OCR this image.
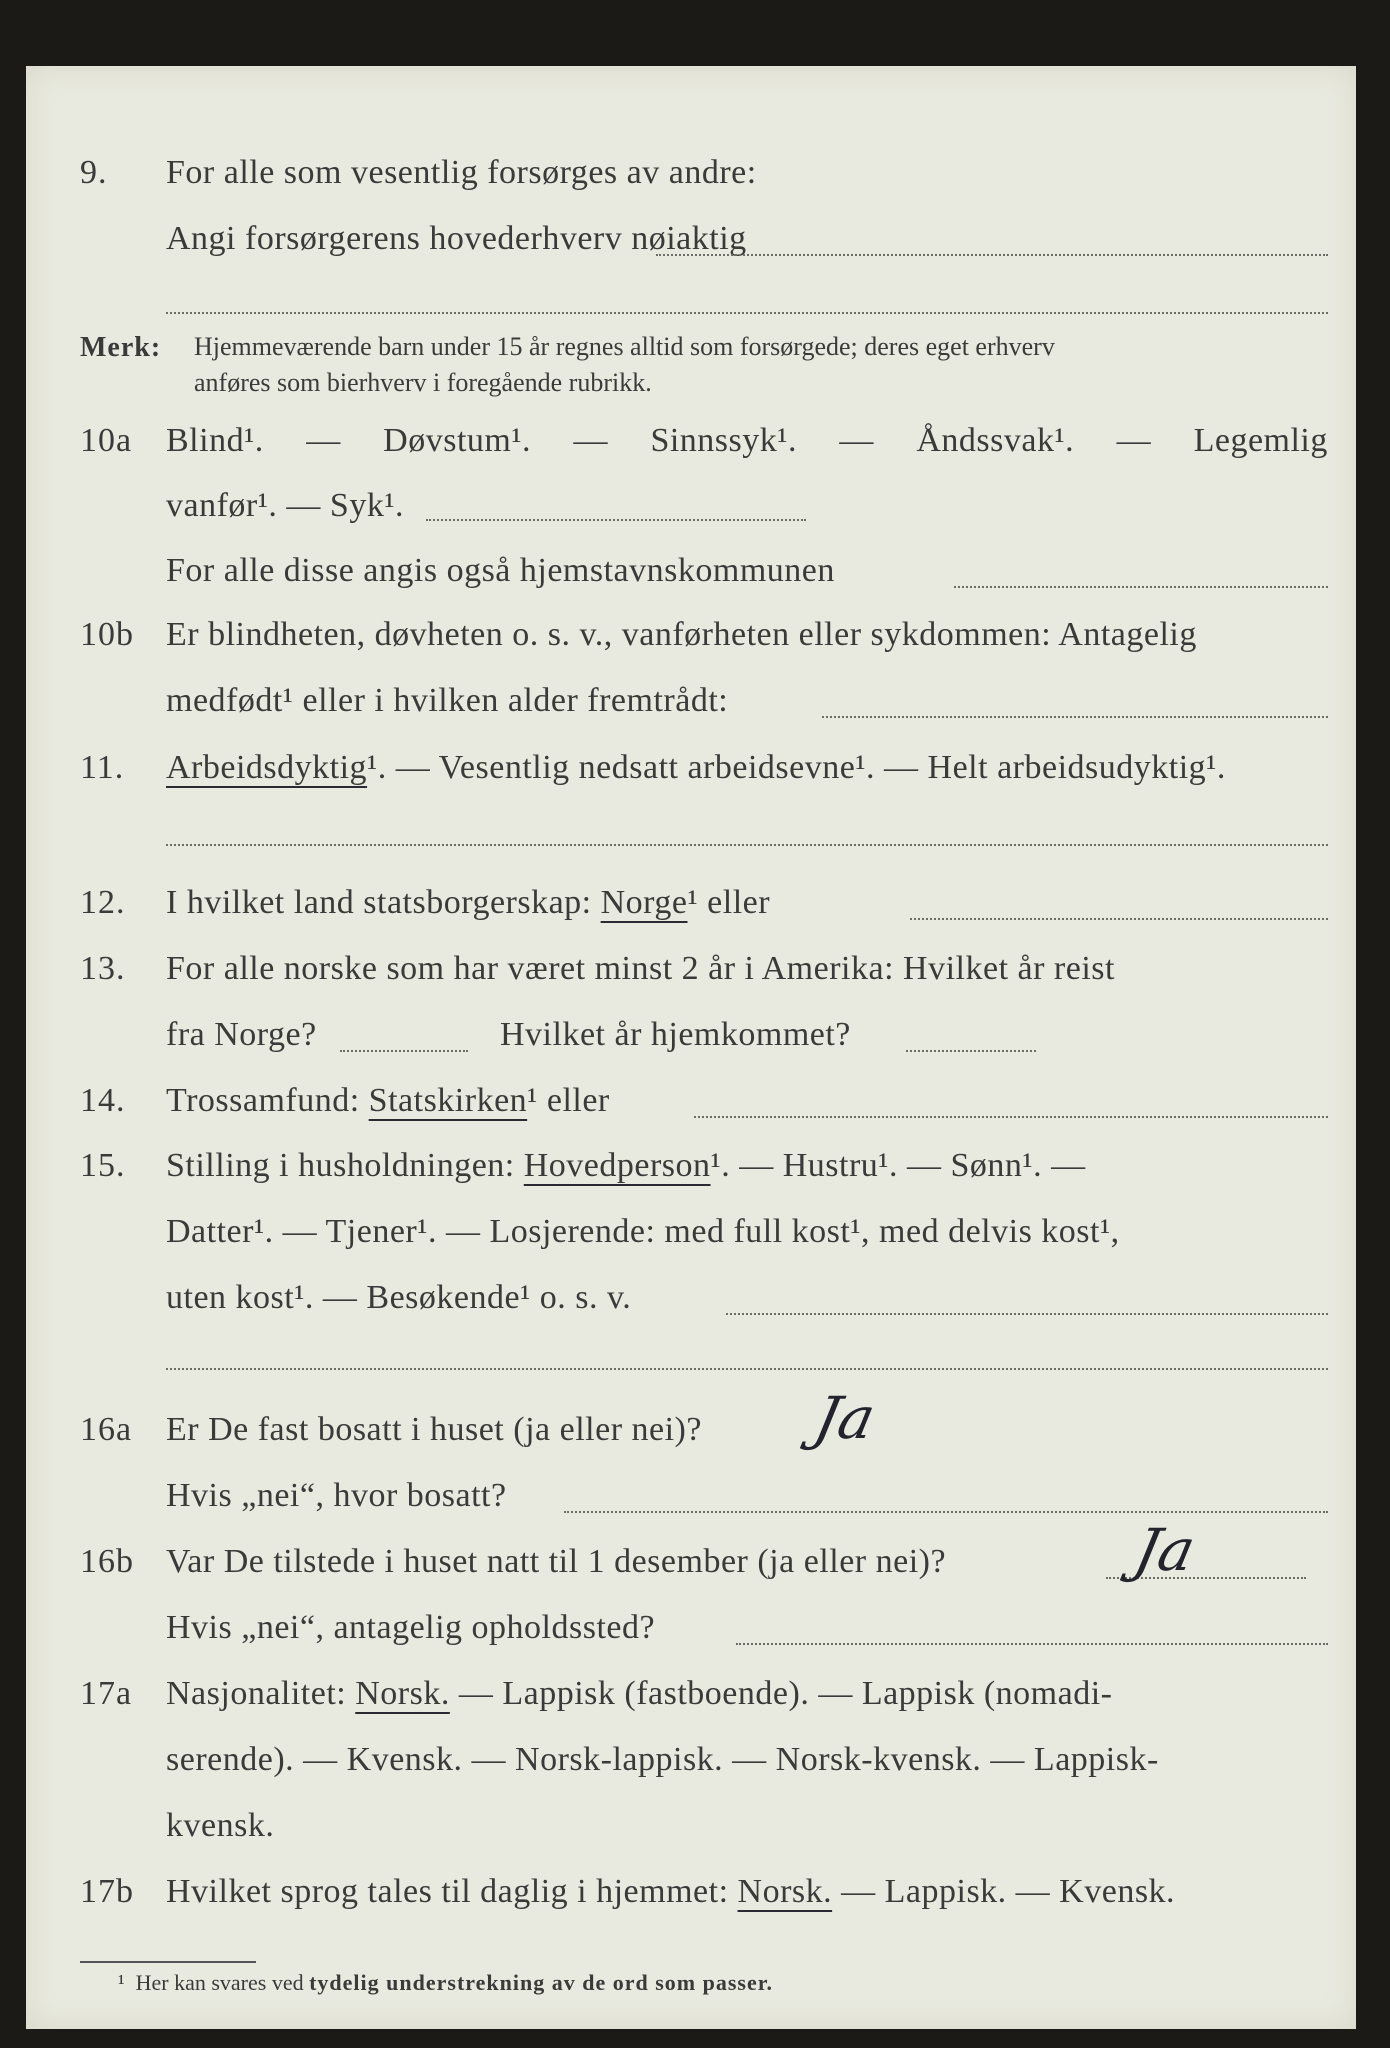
9. For alle som vesentlig forsørges av andre:
Angi forsørgerens hovederhverv nøiaktig
Merk: Hjemmeværende barn under 15 år regnes alltid som forsørgede; deres eget erhverv
anføres som bierhverv i foregående rubrikk.
10a Blind¹. — Døvstum¹. — Sinnssyk¹. — Åndssvak¹. — Legemlig
vanfør¹. — Syk¹.
For alle disse angis også hjemstavnskommunen
10b Er blindheten, døvheten o. s. v., vanførheten eller sykdommen: Antagelig
medfødt¹ eller i hvilken alder fremtrådt:
11. Arbeidsdyktig¹. — Vesentlig nedsatt arbeidsevne¹. — Helt arbeidsudyktig¹.
12. I hvilket land statsborgerskap: Norge¹ eller
13. For alle norske som har været minst 2 år i Amerika: Hvilket år reist
fra Norge?	Hvilket år hjemkommet?
14. Trossamfund: Statskirken¹ eller
15. Stilling i husholdningen: Hovedperson¹. — Hustru¹. — Sønn¹. —
Datter¹. — Tjener¹. — Losjerende: med full kost¹, med delvis kost¹,
uten kost¹. — Besøkende¹ o. s. v.
16a Er De fast bosatt i huset (ja eller nei)? Ja
Hvis „nei“, hvor bosatt?
16b Var De tilstede i huset natt til 1 desember (ja eller nei)?	Ja
Hvis „nei“, antagelig opholdssted?
17a Nasjonalitet: Norsk. — Lappisk (fastboende). — Lappisk (nomadi-
serende). — Kvensk. — Norsk-lappisk. — Norsk-kvensk. — Lappisk-
kvensk.
17b Hvilket sprog tales til daglig i hjemmet: Norsk. — Lappisk. — Kvensk.
¹ Her kan svares ved tydelig understrekning av de ord som passer.
